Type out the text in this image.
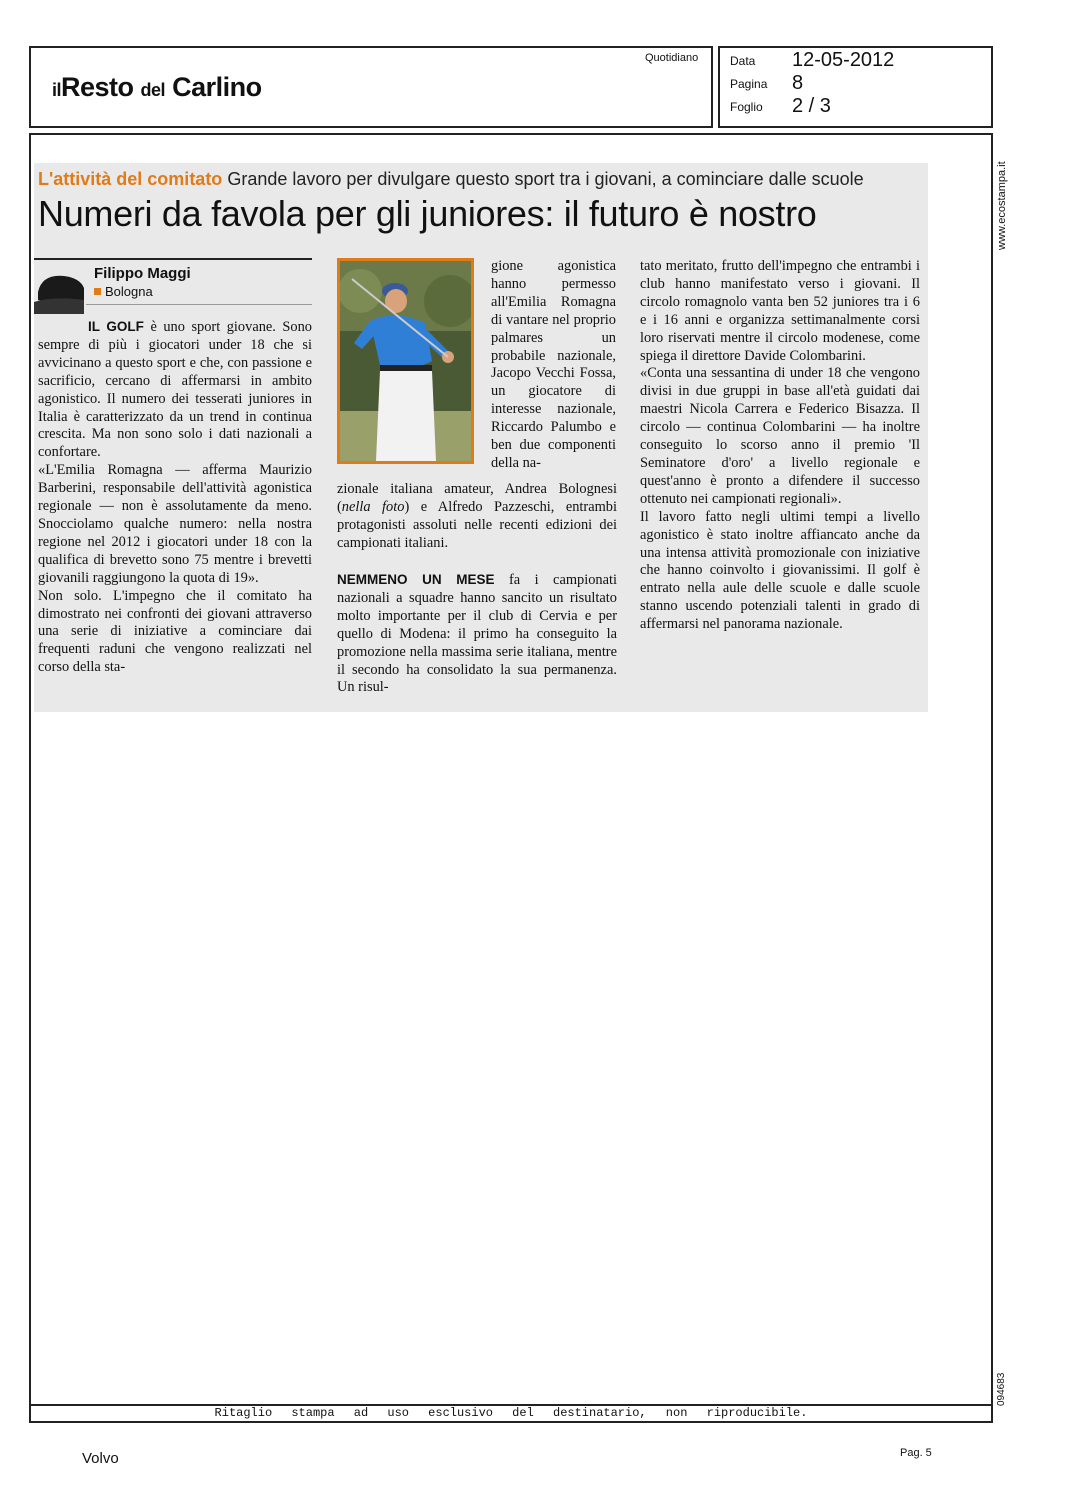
ilResto del Carlino
Quotidiano	Data 12-05-2012
Pagina 8
Foglio 2 / 3
Ritaglio stampa ad uso esclusivo del destinatario, non riproducibile.
www.ecostampa.it
094683
L'attività del comitato Grande lavoro per divulgare questo sport tra i giovani, a cominciare dalle scuole
Numeri da favola per gli juniores: il futuro è nostro
Filippo Maggi
Bologna

IL GOLF è uno sport giovane. Sono sempre di più i giocatori under 18 che si avvicinano a questo sport e che, con passione e sacrificio, cercano di affermarsi in ambito agonistico. Il numero dei tesserati juniores in Italia è caratterizzato da un trend in continua crescita. Ma non sono solo i dati nazionali a confortare.

«L'Emilia Romagna — afferma Maurizio Barberini, responsabile dell'attività agonistica regionale — non è assolutamente da meno. Snocciolamo qualche numero: nella nostra regione nel 2012 i giocatori under 18 con la qualifica di brevetto sono 75 mentre i brevetti giovanili raggiungono la quota di 19».

Non solo. L'impegno che il comitato ha dimostrato nei confronti dei giovani attraverso una serie di iniziative a cominciare dai frequenti raduni che vengono realizzati nel corso della sta-

gione agonistica hanno permesso all'Emilia Romagna di vantare nel proprio palmares un probabile nazionale, Jacopo Vecchi Fossa, un giocatore di interesse nazionale, Riccardo Palumbo e ben due componenti della na-
zionale italiana amateur, Andrea Bolognesi (nella foto) e Alfredo Pazzeschi, entrambi protagonisti assoluti nelle recenti edizioni dei campionati italiani.
NEMMENO UN MESE fa i campionati nazionali a squadre hanno sancito un risultato molto importante per il club di Cervia e per quello di Modena: il primo ha conseguito la promozione nella massima serie italiana, mentre il secondo ha consolidato la sua permanenza. Un risul-

tato meritato, frutto dell'impegno che entrambi i club hanno manifestato verso i giovani. Il circolo romagnolo vanta ben 52 juniores tra i 6 e i 16 anni e organizza settimanalmente corsi loro riservati mentre il circolo modenese, come spiega il direttore Davide Colombarini.

«Conta una sessantina di under 18 che vengono divisi in due gruppi in base all'età guidati dai maestri Nicola Carrera e Federico Bisazza. Il circolo — continua Colombarini — ha inoltre conseguito lo scorso anno il premio 'Il Seminatore d'oro' a livello regionale e quest'anno è pronto a difendere il successo ottenuto nei campionati regionali».

Il lavoro fatto negli ultimi tempi a livello agonistico è stato inoltre affiancato anche da una intensa attività promozionale con iniziative che hanno coinvolto i giovanissimi. Il golf è entrato nella aule delle scuole e dalle scuole stanno uscendo potenziali talenti in grado di affermarsi nel panorama nazionale.

Volvo	Pag. 5
